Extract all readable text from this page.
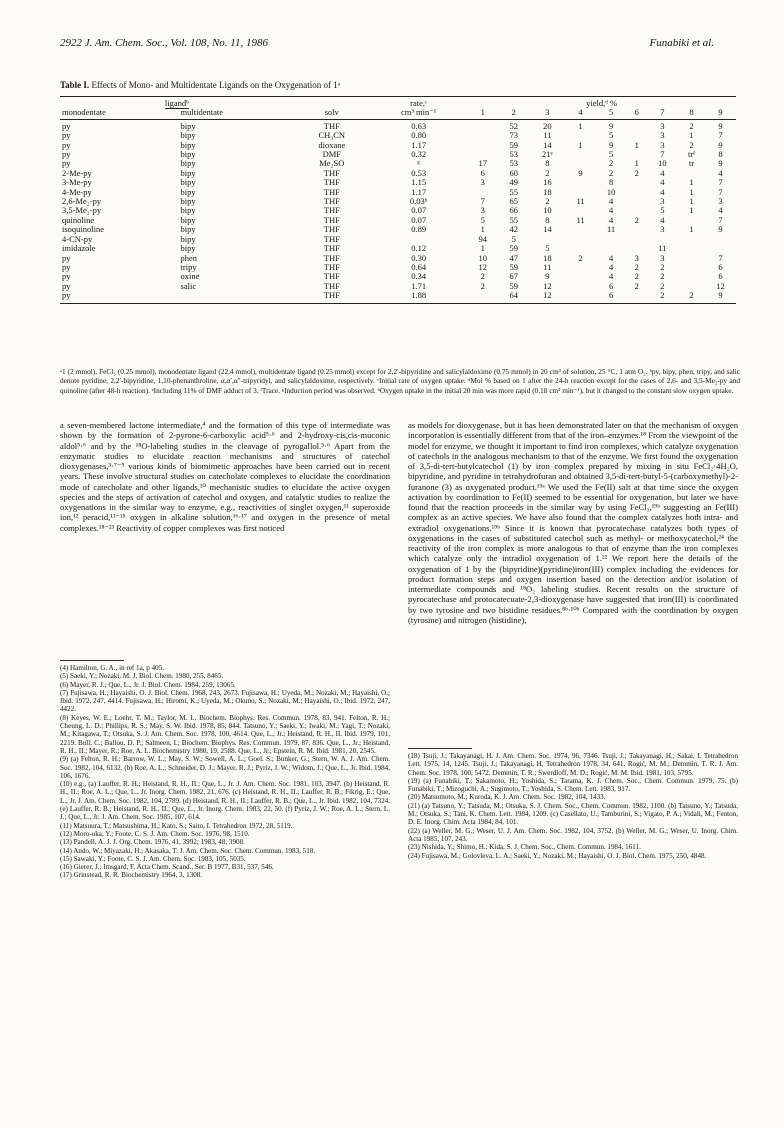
2922 J. Am. Chem. Soc., Vol. 108, No. 11, 1986	Funabiki et al.
Table I. Effects of Mono- and Multidentate Ligands on the Oxygenation of 1ᵃ
ligandᵇ			rate,ᶜ	yield,ᵈ %								
monodentate	multidentate	solv	cm³ min⁻¹	1	2	3	4	5	6	7	8	9
py	bipy	THF	0.63		52	20	1	9		3	2	9
py	bipy	CH₃CN	0.80		73	11		5		3	1	7
py	bipy	dioxane	1.17		59	14	1	9	1	3	2	9
py	bipy	DMF	0.32		53	21ᵉ		5		7	trᶠ	8
py	bipy	Me₂SO	ᵍ	17	53	8		2	1	10	tr	9
2-Me-py	bipy	THF	0.53	6	60	2	9	2	2	4		4
3-Me-py	bipy	THF	1.15	3	49	16		8		4	1	7
4-Me-py	bipy	THF	1.17		55	18		10		4	1	7
2,6-Me₂-py	bipy	THF	0.03ʰ	7	65	2	11	4		3	1	3
3,5-Me₂-py	bipy	THF	0.07	3	66	10		4		5	1	4
quinoline	bipy	THF	0.07	5	55	8	11	4	2	4		7
isoquinoline	bipy	THF	0.89	1	42	14		11		3	1	9
4-CN-py	bipy	THF		94	5							
imidazole	bipy	THF	0.12	1	59	5				11		
py	phen	THF	0.30	10	47	18	2	4	3	3		7
py	tripy	THF	0.64	12	59	11		4	2	2		6
py	oxine	THF	0.34	2	67	9		4	2	2		6
py	salic	THF	1.71	2	59	12		6	2	2		12
py		THF	1.88		64	12		6		2	2	9
ᵃ1 (2 mmol), FeCl₃ (0.25 mmol), monodentate ligand (22.4 mmol), multidentate ligand (0.25 mmol) except for 2,2′-bipyridine and salicylaldoxime (0.75 mmol) in 20 cm³ of solution, 25 °C, 1 atm O₂. ᵇpy, bipy, phen, tripy, and salic denote pyridine, 2,2′-bipyridine, 1,10-phenanthroline, α,α′,α″-tripyridyl, and salicylaldoxime, respectively. ᶜInitial rate of oxygen uptake. ᵈMol % based on 1 after the 24-h reaction except for the cases of 2,6- and 3,5-Me₂-py and quinoline (after 48-h reaction). ᵉIncluding 11% of DMF adduct of 3. ᶠTrace. ᵍInduction period was observed. ʰOxygen uptake in the initial 20 min was more rapid (0.18 cm³ min⁻¹), but it changed to the constant slow oxygen uptake.

a seven-membered lactone intermediate,⁴ and the formation of this type of intermediate was shown by the formation of 2-pyrone-6-carboxylic acid⁵·⁶ and 2-hydroxy-cis,cis-muconic aldol⁵·⁶ and by the ¹⁸O-labeling studies in the cleavage of pyrogallol.⁵·⁶ Apart from the enzymatic studies to elucidate reaction mechanisms and structures of catechol dioxygenases,³·⁷⁻⁹ various kinds of biomimetic approaches have been carried out in recent years. These involve structural studies on catecholate complexes to elucidate the coordination mode of catecholate and other ligands,¹⁰ mechanistic studies to elucidate the active oxygen species and the steps of activation of catechol and oxygen, and catalytic studies to realize the oxygenations in the similar way to enzyme, e.g., reactivities of singlet oxygen,¹¹ superoxide ion,¹² peracid,¹³⁻¹⁵ oxygen in alkaline solution,¹⁶·¹⁷ and oxygen in the presence of metal complexes.¹⁸⁻²³ Reactivity of copper complexes was first noticed

as models for dioxygenase, but it has been demonstrated later on that the mechanism of oxygen incorporation is essentially different from that of the iron–enzymes.¹⁸ From the viewpoint of the model for enzyme, we thought it important to find iron complexes, which catalyze oxygenation of catechols in the analogous mechanism to that of the enzyme. We first found the oxygenation of 3,5-di-tert-butylcatechol (1) by iron complex prepared by mixing in situ FeCl₂·4H₂O, bipyridine, and pyridine in tetrahydrofuran and obtained 3,5-di-tert-butyl-5-(carboxymethyl)-2-furanone (3) as oxygenated product.¹⁹ᵃ We used the Fe(II) salt at that time since the oxygen activation by coordination to Fe(II) seemed to be essential for oxygenation, but later we have found that the reaction proceeds in the similar way by using FeCl₃,¹⁹ᵇ suggesting an Fe(III) complex as an active species. We have also found that the complex catalyzes both intra- and extradiol oxygenations.¹⁹ᵇ Since it is known that pyrocatechase catalyzes both types of oxygenations in the cases of substituted catechol such as methyl- or methoxycatechol,²⁴ the reactivity of the iron complex is more analogous to that of enzyme than the iron complexes which catalyze only the intradiol oxygenation of 1.²² We report here the details of the oxygenation of 1 by the (bipyridine)(pyridine)iron(III) complex including the evidences for product formation steps and oxygen insertion based on the detection and/or isolation of intermediate compounds and ¹⁸O₂ labeling studies. Recent results on the structure of pyrocatechase and protocatecuate-2,3-dioxygenase have suggested that iron(III) is coordinated by two tyrosine and two histidine residues.⁸ᵇ·¹⁰ᵇ Compared with the coordination by oxygen (tyrosine) and nitrogen (histidine),

(4) Hamilton, G. A., in ref 1a, p 405.

(5) Saeki, Y.; Nozaki, M. J. Biol. Chem. 1980, 255, 8465.

(6) Mayer, R. J.; Que, L., Jr. J. Biol. Chem. 1984, 259, 13065.

(7) Fujisawa, H.; Hayaishi, O. J. Biol. Chem. 1968, 243, 2673. Fujisawa, H.; Uyeda, M.; Nozaki, M.; Hayaishi, O.; Ibid. 1972, 247, 4414. Fujisawa, H.; Hiromi, K.; Uyeda, M.; Okuno, S.; Nozaki, M.; Hayaishi, O.; Ibid. 1972, 247, 4422.

(8) Keyes, W. E.; Loehr, T. M.; Taylor, M. L. Biochem. Biophys. Res. Commun. 1978, 83, 941. Felton, R. H.; Cheung, L. D.; Phillips, R. S.; May, S. W. Ibid. 1978, 85, 844. Tatsuno, Y.; Saeki, Y.; Iwaki, M.; Yagi, T.; Nozaki, M.; Kitagawa, T.; Otsuka, S. J. Am. Chem. Soc. 1978, 100, 4614. Que, L., Jr.; Heistand, R. H., II. Ibid. 1979, 101, 2219. Bull, C.; Ballou, D. P.; Salmeen, I.; Biochem. Biophys. Res. Commun. 1979, 87, 836. Que, L., Jr.; Heistand, R. H., II.; Mayer, R.; Roe, A. L. Biochemistry 1980, 19, 2588. Que, L., Jr.; Epstein, R. M. Ibid. 1981, 20, 2545.

(9) (a) Felton, R. H.; Barrow, W. L.; May, S. W.; Sowell, A. L.; Goel. S.; Bunker, G.; Stern, W. A. J. Am. Chem. Soc. 1982, 104, 6132. (b) Roe, A. L.; Schneider, D. J.; Mayer, R. J.; Pyriz, J. W.; Widom, J.; Que, L., Jr. Ibid. 1984, 106, 1676.

(10) e.g., (a) Lauffer, R. H.; Heistand, R. H., II.; Que, L., Jr. J. Am. Chem. Soc. 1981, 103, 3947. (b) Heistand, R. H., II.; Roe, A. L.; Que, L., Jr. Inorg. Chem. 1982, 21, 676. (c) Heistand, R. H., II.; Lauffer, R. B.; Fikrig, E.; Que, L., Jr. J. Am. Chem. Soc. 1982, 104, 2789. (d) Heistand, R. H., II.; Lauffer, R. B.; Que, L., Jr. Ibid. 1982, 104, 7324. (e) Lauffer, R. B.; Heistand, R. H., II.; Que, L., Jr. Inorg. Chem. 1983, 22, 50. (f) Pyriz, J. W.; Roe, A. L.; Stern, L. J.; Que, L., Jr. J. Am. Chem. Soc. 1985, 107, 614.

(11) Matsuura, T.; Matsushima, H.; Kato, S.; Saito, I. Tetrahedron 1972, 28, 5119.

(12) Moro-oka, Y.; Foote, C. S. J. Am. Chem. Soc. 1976, 98, 1510.

(13) Pandell, A. J. J. Org. Chem. 1976, 41, 3992; 1983, 48, 3908.

(14) Ando, W.; Miyazaki, H.; Akasaka, T. J. Am. Chem. Soc. Chem. Commun. 1983, 518.

(15) Sawaki, Y.; Foote, C. S. J. Am. Chem. Soc. 1983, 105, 5035.

(16) Gierer, J.; Imsgard, F. Acta Chem. Scand., Ser. B 1977, B31, 537, 546.

(17) Grinstead, R. R. Biochemistry 1964, 3, 1308.

(18) Tsuji, J.; Takayanagi, H. J. Am. Chem. Soc. 1974, 96, 7346. Tsuji, J.; Takayanagi, H.; Sakai, I. Tetrahedron Lett. 1975, 14, 1245. Tsuji, J.; Takayanagi, H. Tetrahedron 1978, 34, 641. Rogić, M. M.; Demmin, T. R. J. Am. Chem. Soc. 1978, 100, 5472. Demmin, T. R.; Swerdloff, M. D.; Rogić, M. M. Ibid. 1981, 103, 5795.

(19) (a) Funabiki, T.; Sakamoto, H.; Yoshida, S.; Tarama, K. J. Chem. Soc., Chem. Commun. 1979, 75. (b) Funabiki, T.; Mizoguchi, A.; Sugimoto, T.; Yoshida, S. Chem. Lett. 1983, 917.

(20) Matsumoto, M.; Kuroda, K. J. Am. Chem. Soc. 1982, 104, 1433.

(21) (a) Tatsuno, Y.; Tatsuda, M.; Otsuka, S. J. Chem. Soc., Chem. Commun. 1982, 1100. (b) Tatsuno, Y.; Tatsuda, M.; Otsuka, S.; Tani, K. Chem. Lett. 1984, 1209. (c) Casellato, U.; Tamburini, S.; Vigato, P. A.; Vidali, M.; Fenton, D. E. Inorg. Chim. Acta 1984, 84, 101.

(22) (a) Weller, M. G.; Weser, U. J. Am. Chem. Soc. 1982, 104, 3752. (b) Weller, M. G.; Weser, U. Inorg. Chim. Acta 1985, 107, 243.

(23) Nishida, Y.; Shimo, H.; Kida, S. J. Chem. Soc., Chem. Commun. 1984, 1611.

(24) Fujisawa, M.; Golovleva, L. A.; Saeki, Y.; Nozaki, M.; Hayaishi, O. J. Biol. Chem. 1975, 250, 4848.
